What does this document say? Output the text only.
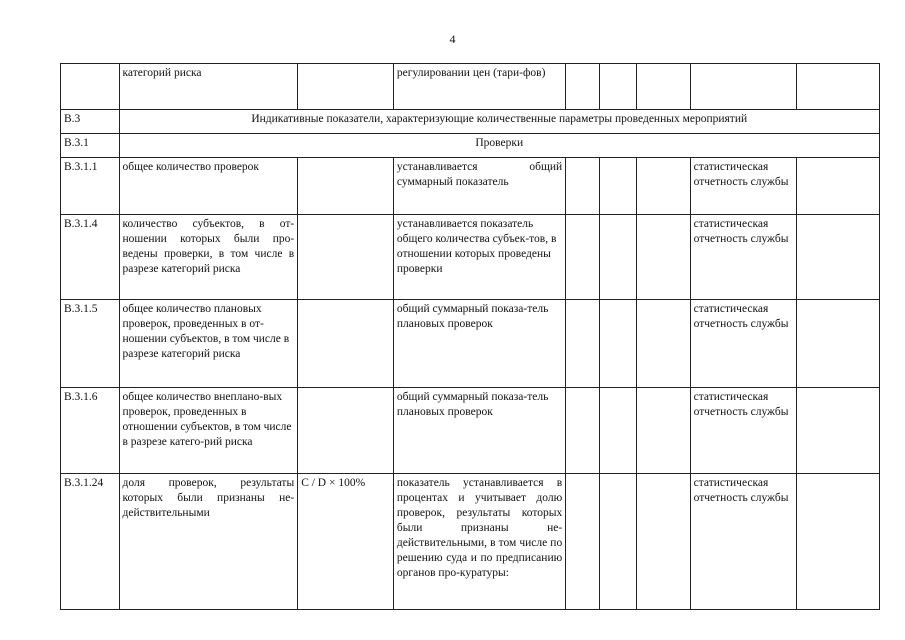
4
	категорий риска		регулировании цен (тари-фов)					
B.3	Индикативные показатели, характеризующие количественные параметры проведенных мероприятий							
B.3.1	Проверки							
B.3.1.1	общее количество проверок		устанавливается общий суммарный показатель				статистическая отчетность службы	
B.3.1.4	количество субъектов, в от-ношении которых были про-ведены проверки, в том числе в разрезе категорий риска		устанавливается показатель общего количества субъек-тов, в отношении которых проведены проверки				статистическая отчетность службы	
B.3.1.5	общее количество плановых проверок, проведенных в от-ношении субъектов, в том числе в разрезе категорий риска		общий суммарный показа-тель плановых проверок				статистическая отчетность службы	
B.3.1.6	общее количество внеплано-вых проверок, проведенных в отношении субъектов, в том числе в разрезе катего-рий риска		общий суммарный показа-тель плановых проверок				статистическая отчетность службы	
B.3.1.24	доля проверок, результаты которых были признаны не-действительными	C / D × 100%	показатель устанавливается в процентах и учитывает долю проверок, результаты которых были признаны не-действительными, в том числе по решению суда и по предписанию органов про-куратуры:				статистическая отчетность службы	
